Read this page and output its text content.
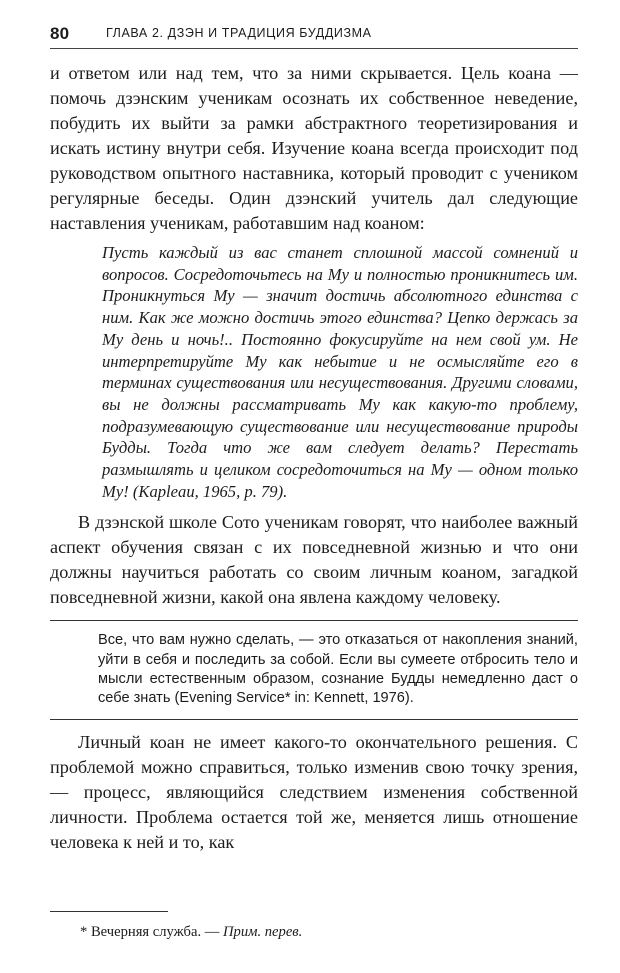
80	ГЛАВА 2. ДЗЭН И ТРАДИЦИЯ БУДДИЗМА

и ответом или над тем, что за ними скрывается. Цель коана — помочь дзэнским ученикам осознать их собственное неведение, побудить их выйти за рамки абстрактного теоретизирования и искать истину внутри себя. Изучение коана всегда происходит под руководством опытного наставника, который проводит с учеником регулярные беседы. Один дзэнский учитель дал следующие наставления ученикам, работавшим над коаном:

Пусть каждый из вас станет сплошной массой сомнений и вопросов. Сосредоточьтесь на Му и полностью проникнитесь им. Проникнуться Му — значит достичь абсолютного единства с ним. Как же можно достичь этого единства? Цепко держась за Му день и ночь!.. Постоянно фокусируйте на нем свой ум. Не интерпретируйте Му как небытие и не осмысляйте его в терминах существования или несуществования. Другими словами, вы не должны рассматривать Му как какую-то проблему, подразумевающую существование или несуществование природы Будды. Тогда что же вам следует делать? Перестать размышлять и целиком сосредоточиться на Му — одном только Му! (Kapleau, 1965, p. 79).

В дзэнской школе Сото ученикам говорят, что наиболее важный аспект обучения связан с их повседневной жизнью и что они должны научиться работать со своим личным коаном, загадкой повседневной жизни, какой она явлена каждому человеку.

Все, что вам нужно сделать, — это отказаться от накопления знаний, уйти в себя и последить за собой. Если вы сумеете отбросить тело и мысли естественным образом, сознание Будды немедленно даст о себе знать (Evening Service* in: Kennett, 1976).

Личный коан не имеет какого-то окончательного решения. С проблемой можно справиться, только изменив свою точку зрения, — процесс, являющийся следствием изменения собственной личности. Проблема остается той же, меняется лишь отношение человека к ней и то, как

* Вечерняя служба. — Прим. перев.
